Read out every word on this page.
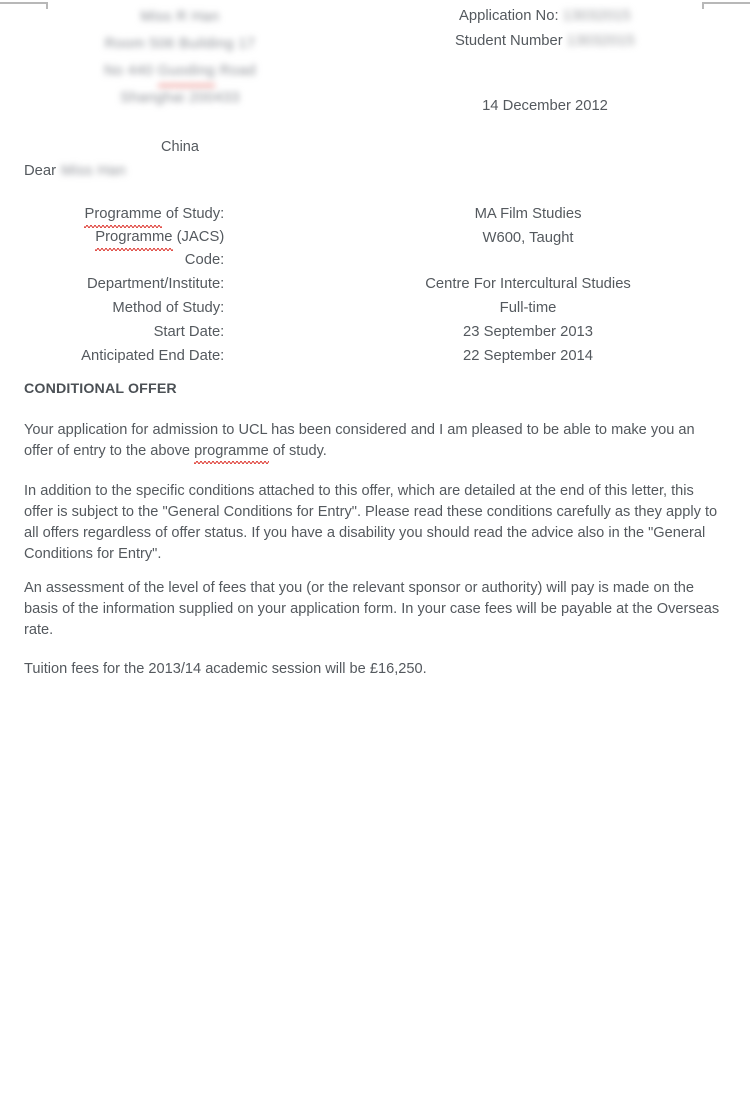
Miss R Han
Room 506 Building 17
No 440 Guoding Road
Shanghai 200433
China
Application No: 13032015
Student Number 13032015
14 December 2012
Dear Miss Han
Programme of Study:		MA Film Studies
Programme (JACS)
Code:		W600, Taught
Department/Institute:		Centre For Intercultural Studies
Method of Study:		Full-time
Start Date:		23 September 2013
Anticipated End Date:		22 September 2014
CONDITIONAL OFFER
Your application for admission to UCL has been considered and I am pleased to be able to make you an offer of entry to the above programme of study.
In addition to the specific conditions attached to this offer, which are detailed at the end of this letter, this offer is subject to the "General Conditions for Entry". Please read these conditions carefully as they apply to all offers regardless of offer status. If you have a disability you should read the advice also in the "General Conditions for Entry".
An assessment of the level of fees that you (or the relevant sponsor or authority) will pay is made on the basis of the information supplied on your application form. In your case fees will be payable at the Overseas rate.
Tuition fees for the 2013/14 academic session will be £16,250.
